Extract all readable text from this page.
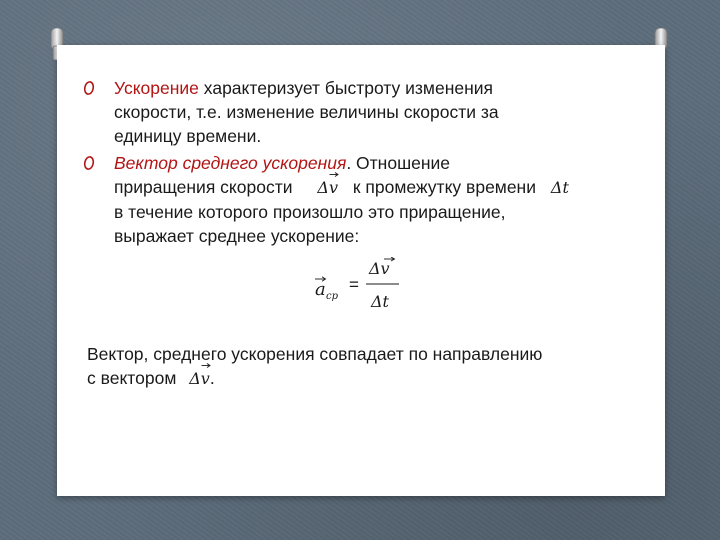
Ускорение характеризует быстроту изменения
скорости, т.е. изменение величины скорости за
единицу времени.
Вектор среднего ускорения. Отношение
приращения скорости Δv к промежутку времени Δt
в течение которого произошло это приращение,
выражает среднее ускорение:
a ср
=
Δv
Δt
Вектор, среднего ускорения совпадает по направлению
с вектором Δv
.
